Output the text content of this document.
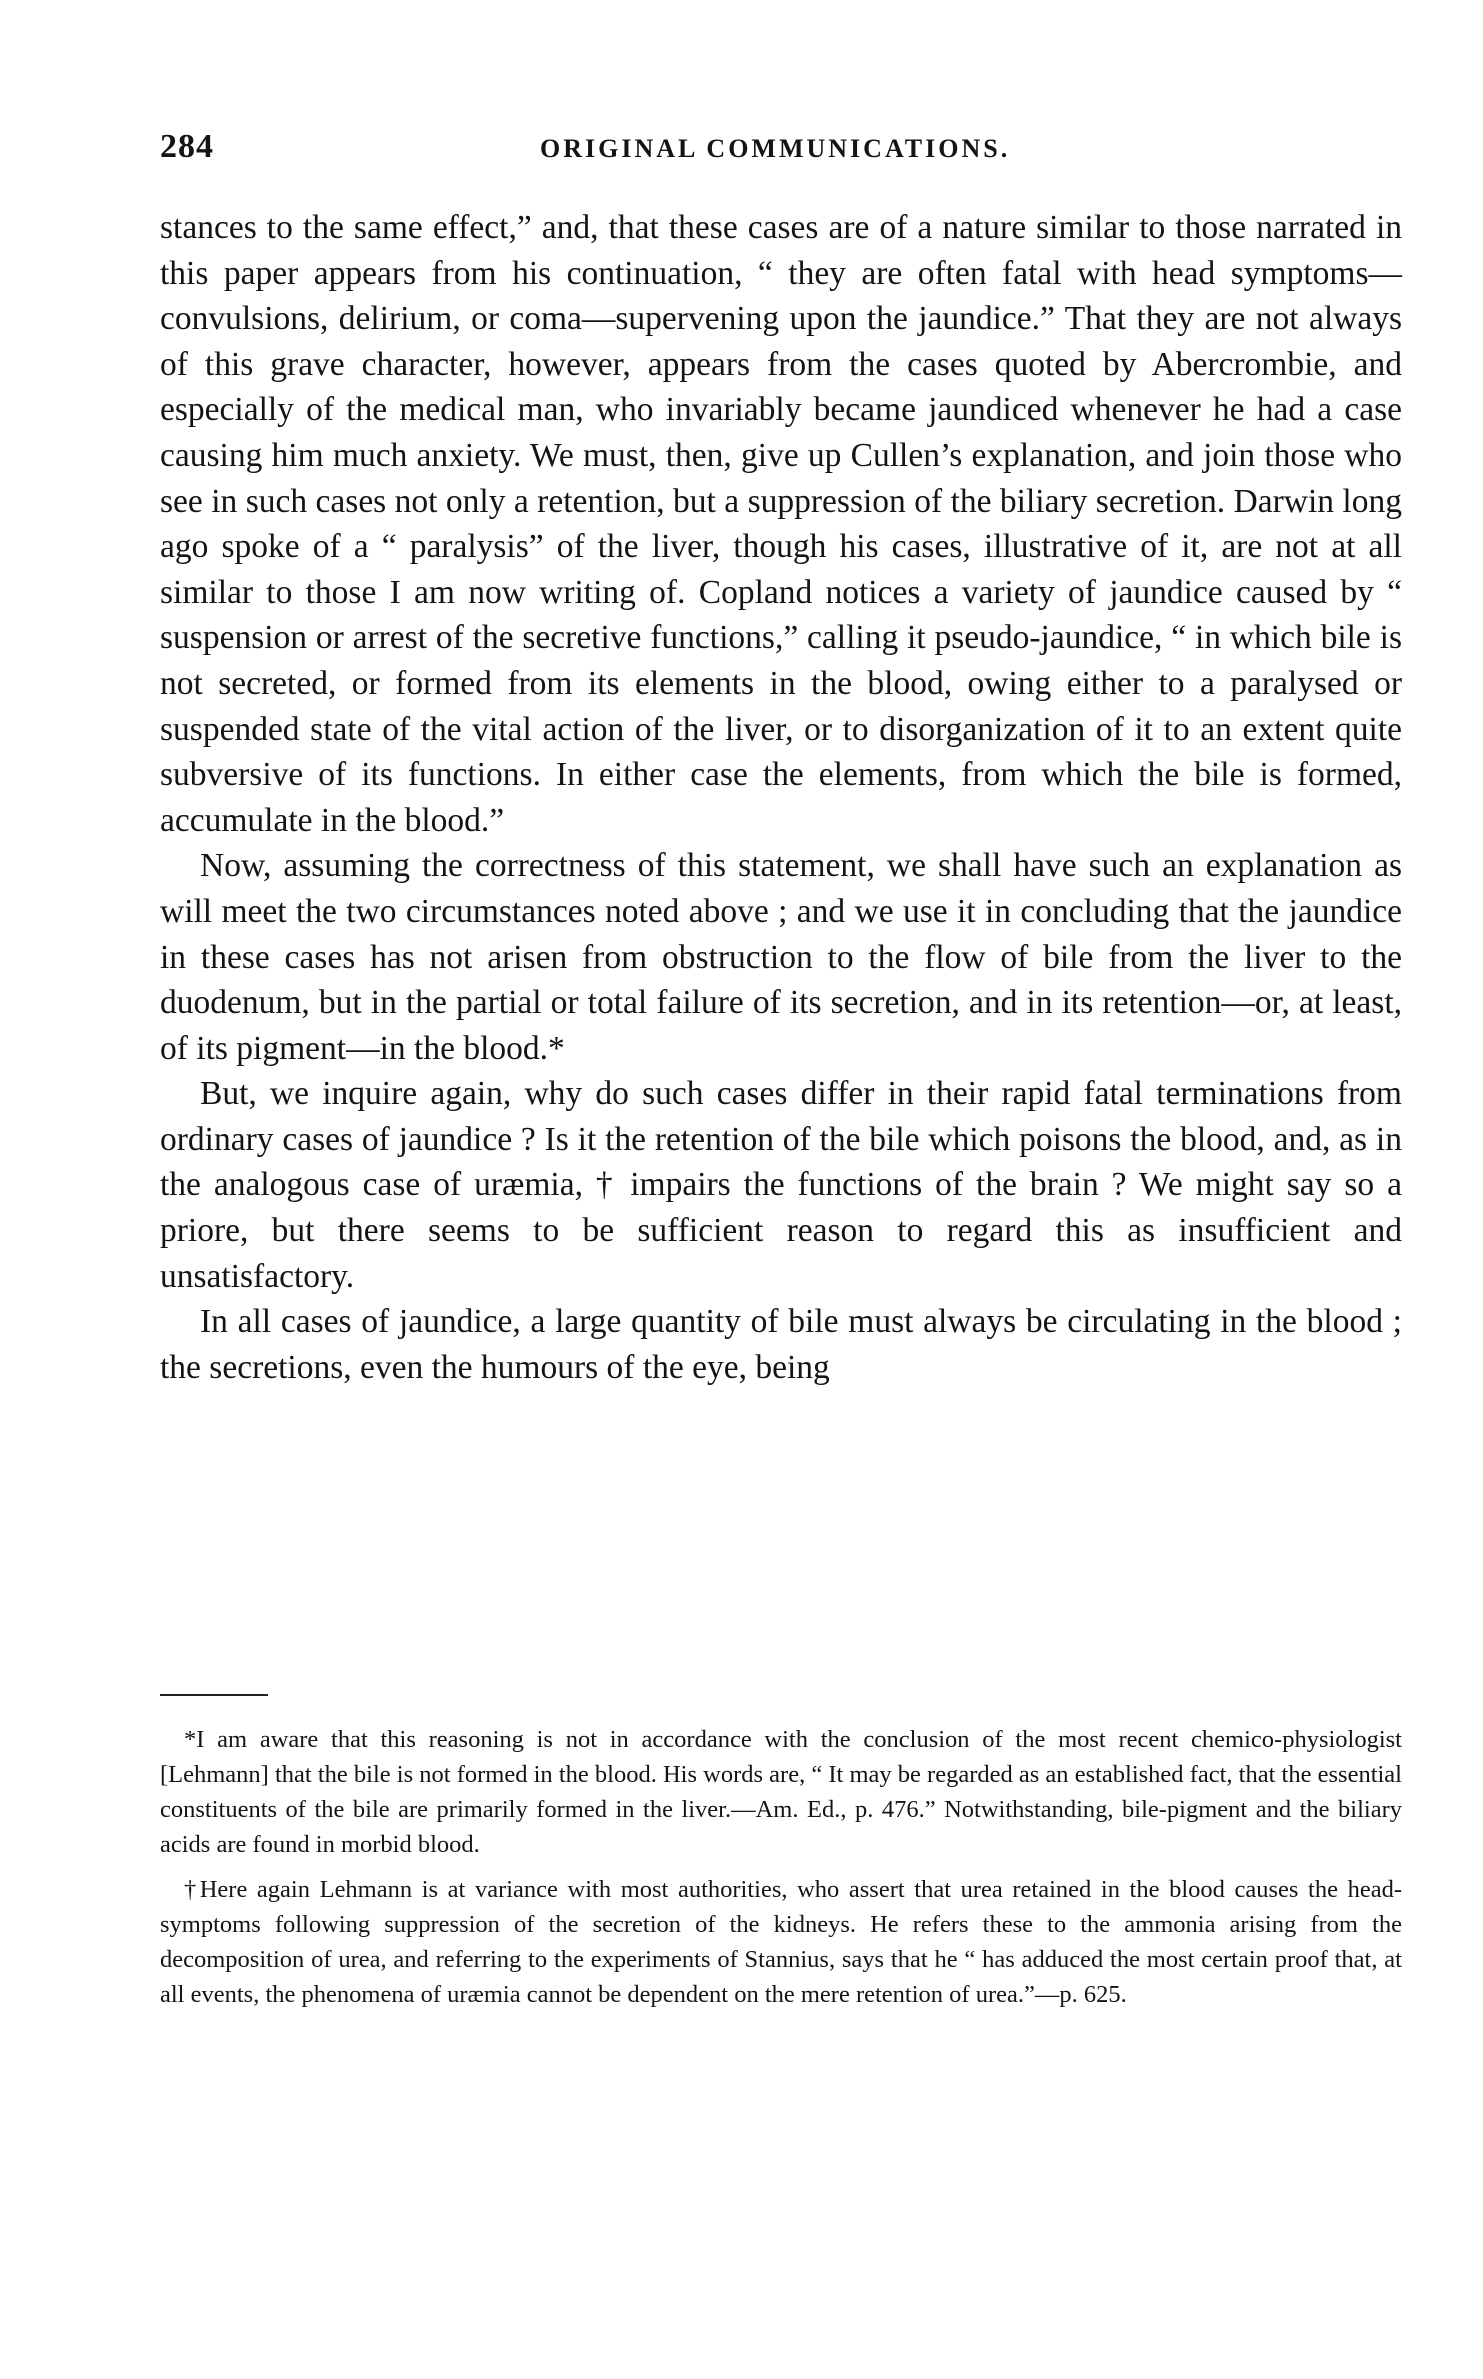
284	ORIGINAL COMMUNICATIONS.

stances to the same effect,” and, that these cases are of a nature similar to those narrated in this paper appears from his continuation, “ they are often fatal with head symptoms—convulsions, delirium, or coma—supervening upon the jaundice.” That they are not always of this grave character, however, appears from the cases quoted by Abercrombie, and especially of the medical man, who invariably became jaundiced whenever he had a case causing him much anxiety. We must, then, give up Cullen’s explanation, and join those who see in such cases not only a retention, but a suppression of the biliary secretion. Darwin long ago spoke of a “ paralysis” of the liver, though his cases, illustrative of it, are not at all similar to those I am now writing of. Copland notices a variety of jaundice caused by “ suspension or arrest of the secretive functions,” calling it pseudo-jaundice, “ in which bile is not secreted, or formed from its elements in the blood, owing either to a paralysed or suspended state of the vital action of the liver, or to disorganization of it to an extent quite subversive of its functions. In either case the elements, from which the bile is formed, accumulate in the blood.”

Now, assuming the correctness of this statement, we shall have such an explanation as will meet the two circumstances noted above ; and we use it in concluding that the jaundice in these cases has not arisen from obstruction to the flow of bile from the liver to the duodenum, but in the partial or total failure of its secretion, and in its retention—or, at least, of its pigment—in the blood.*

But, we inquire again, why do such cases differ in their rapid fatal terminations from ordinary cases of jaundice ? Is it the retention of the bile which poisons the blood, and, as in the analogous case of uræmia, † impairs the functions of the brain ? We might say so a priore, but there seems to be sufficient reason to regard this as insufficient and unsatisfactory.

In all cases of jaundice, a large quantity of bile must always be circulating in the blood ; the secretions, even the humours of the eye, being

*I am aware that this reasoning is not in accordance with the conclusion of the most recent chemico-physiologist [Lehmann] that the bile is not formed in the blood. His words are, “ It may be regarded as an established fact, that the essential constituents of the bile are primarily formed in the liver.—Am. Ed., p. 476.” Notwithstanding, bile-pigment and the biliary acids are found in morbid blood.

†Here again Lehmann is at variance with most authorities, who assert that urea retained in the blood causes the head-symptoms following suppression of the secretion of the kidneys. He refers these to the ammonia arising from the decomposition of urea, and referring to the experiments of Stannius, says that he “ has adduced the most certain proof that, at all events, the phenomena of uræmia cannot be dependent on the mere retention of urea.”—p. 625.
